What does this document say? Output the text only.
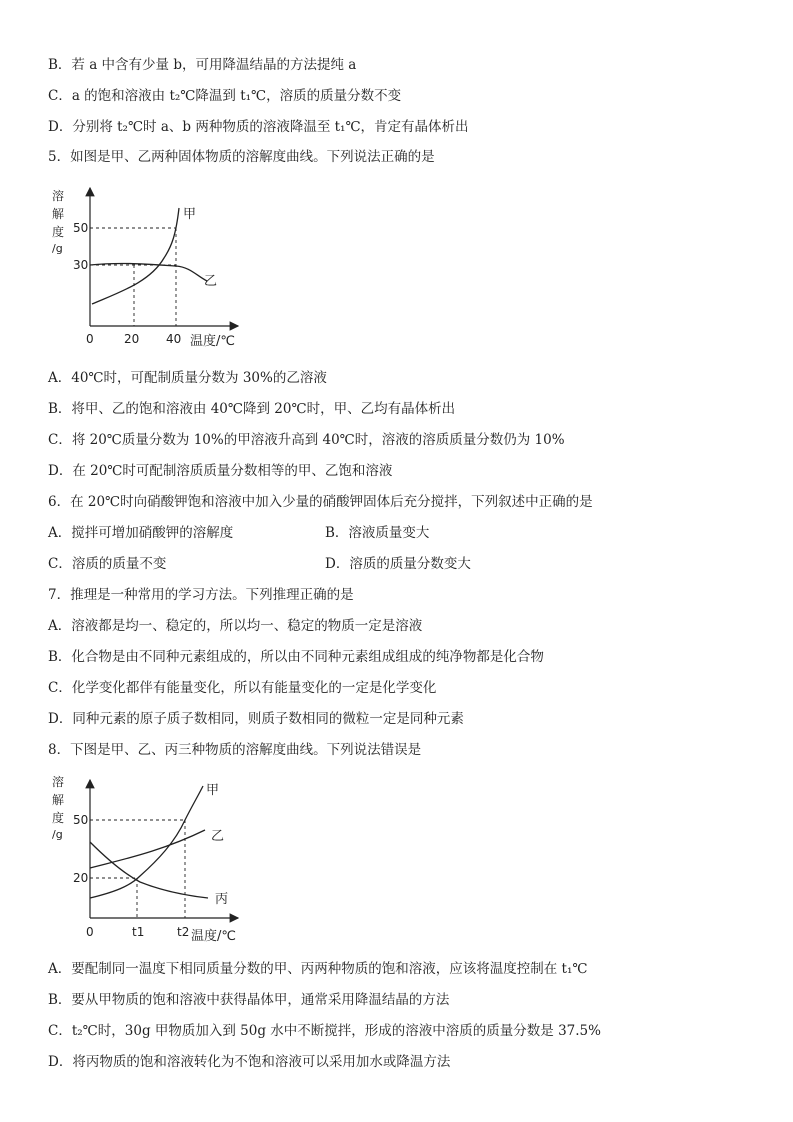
B．若 a 中含有少量 b，可用降温结晶的方法提纯 a
C．a 的饱和溶液由 t₂℃降温到 t₁℃，溶质的质量分数不变
D．分别将 t₂℃时 a、b 两种物质的溶液降温至 t₁℃，肯定有晶体析出
5．如图是甲、乙两种固体物质的溶解度曲线。下列说法正确的是
溶
解
度
/g
50
30
0	20 40 温度/℃
甲
乙
A．40℃时，可配制质量分数为 30%的乙溶液
B．将甲、乙的饱和溶液由 40℃降到 20℃时，甲、乙均有晶体析出
C．将 20℃质量分数为 10%的甲溶液升高到 40℃时，溶液的溶质质量分数仍为 10%
D．在 20℃时可配制溶质质量分数相等的甲、乙饱和溶液
6．在 20℃时向硝酸钾饱和溶液中加入少量的硝酸钾固体后充分搅拌，下列叙述中正确的是
A．搅拌可增加硝酸钾的溶解度	B．溶液质量变大
C．溶质的质量不变	D．溶质的质量分数变大
7．推理是一种常用的学习方法。下列推理正确的是
A．溶液都是均一、稳定的，所以均一、稳定的物质一定是溶液
B．化合物是由不同种元素组成的，所以由不同种元素组成组成的纯净物都是化合物
C．化学变化都伴有能量变化，所以有能量变化的一定是化学变化
D．同种元素的原子质子数相同，则质子数相同的微粒一定是同种元素
8．下图是甲、乙、丙三种物质的溶解度曲线。下列说法错误是
溶
解
度
/g
50
20
0	t1	t2 温度/℃
甲
乙
丙
A．要配制同一温度下相同质量分数的甲、丙两种物质的饱和溶液，应该将温度控制在 t₁℃
B．要从甲物质的饱和溶液中获得晶体甲，通常采用降温结晶的方法
C．t₂℃时，30g 甲物质加入到 50g 水中不断搅拌，形成的溶液中溶质的质量分数是 37.5%
D．将丙物质的饱和溶液转化为不饱和溶液可以采用加水或降温方法
